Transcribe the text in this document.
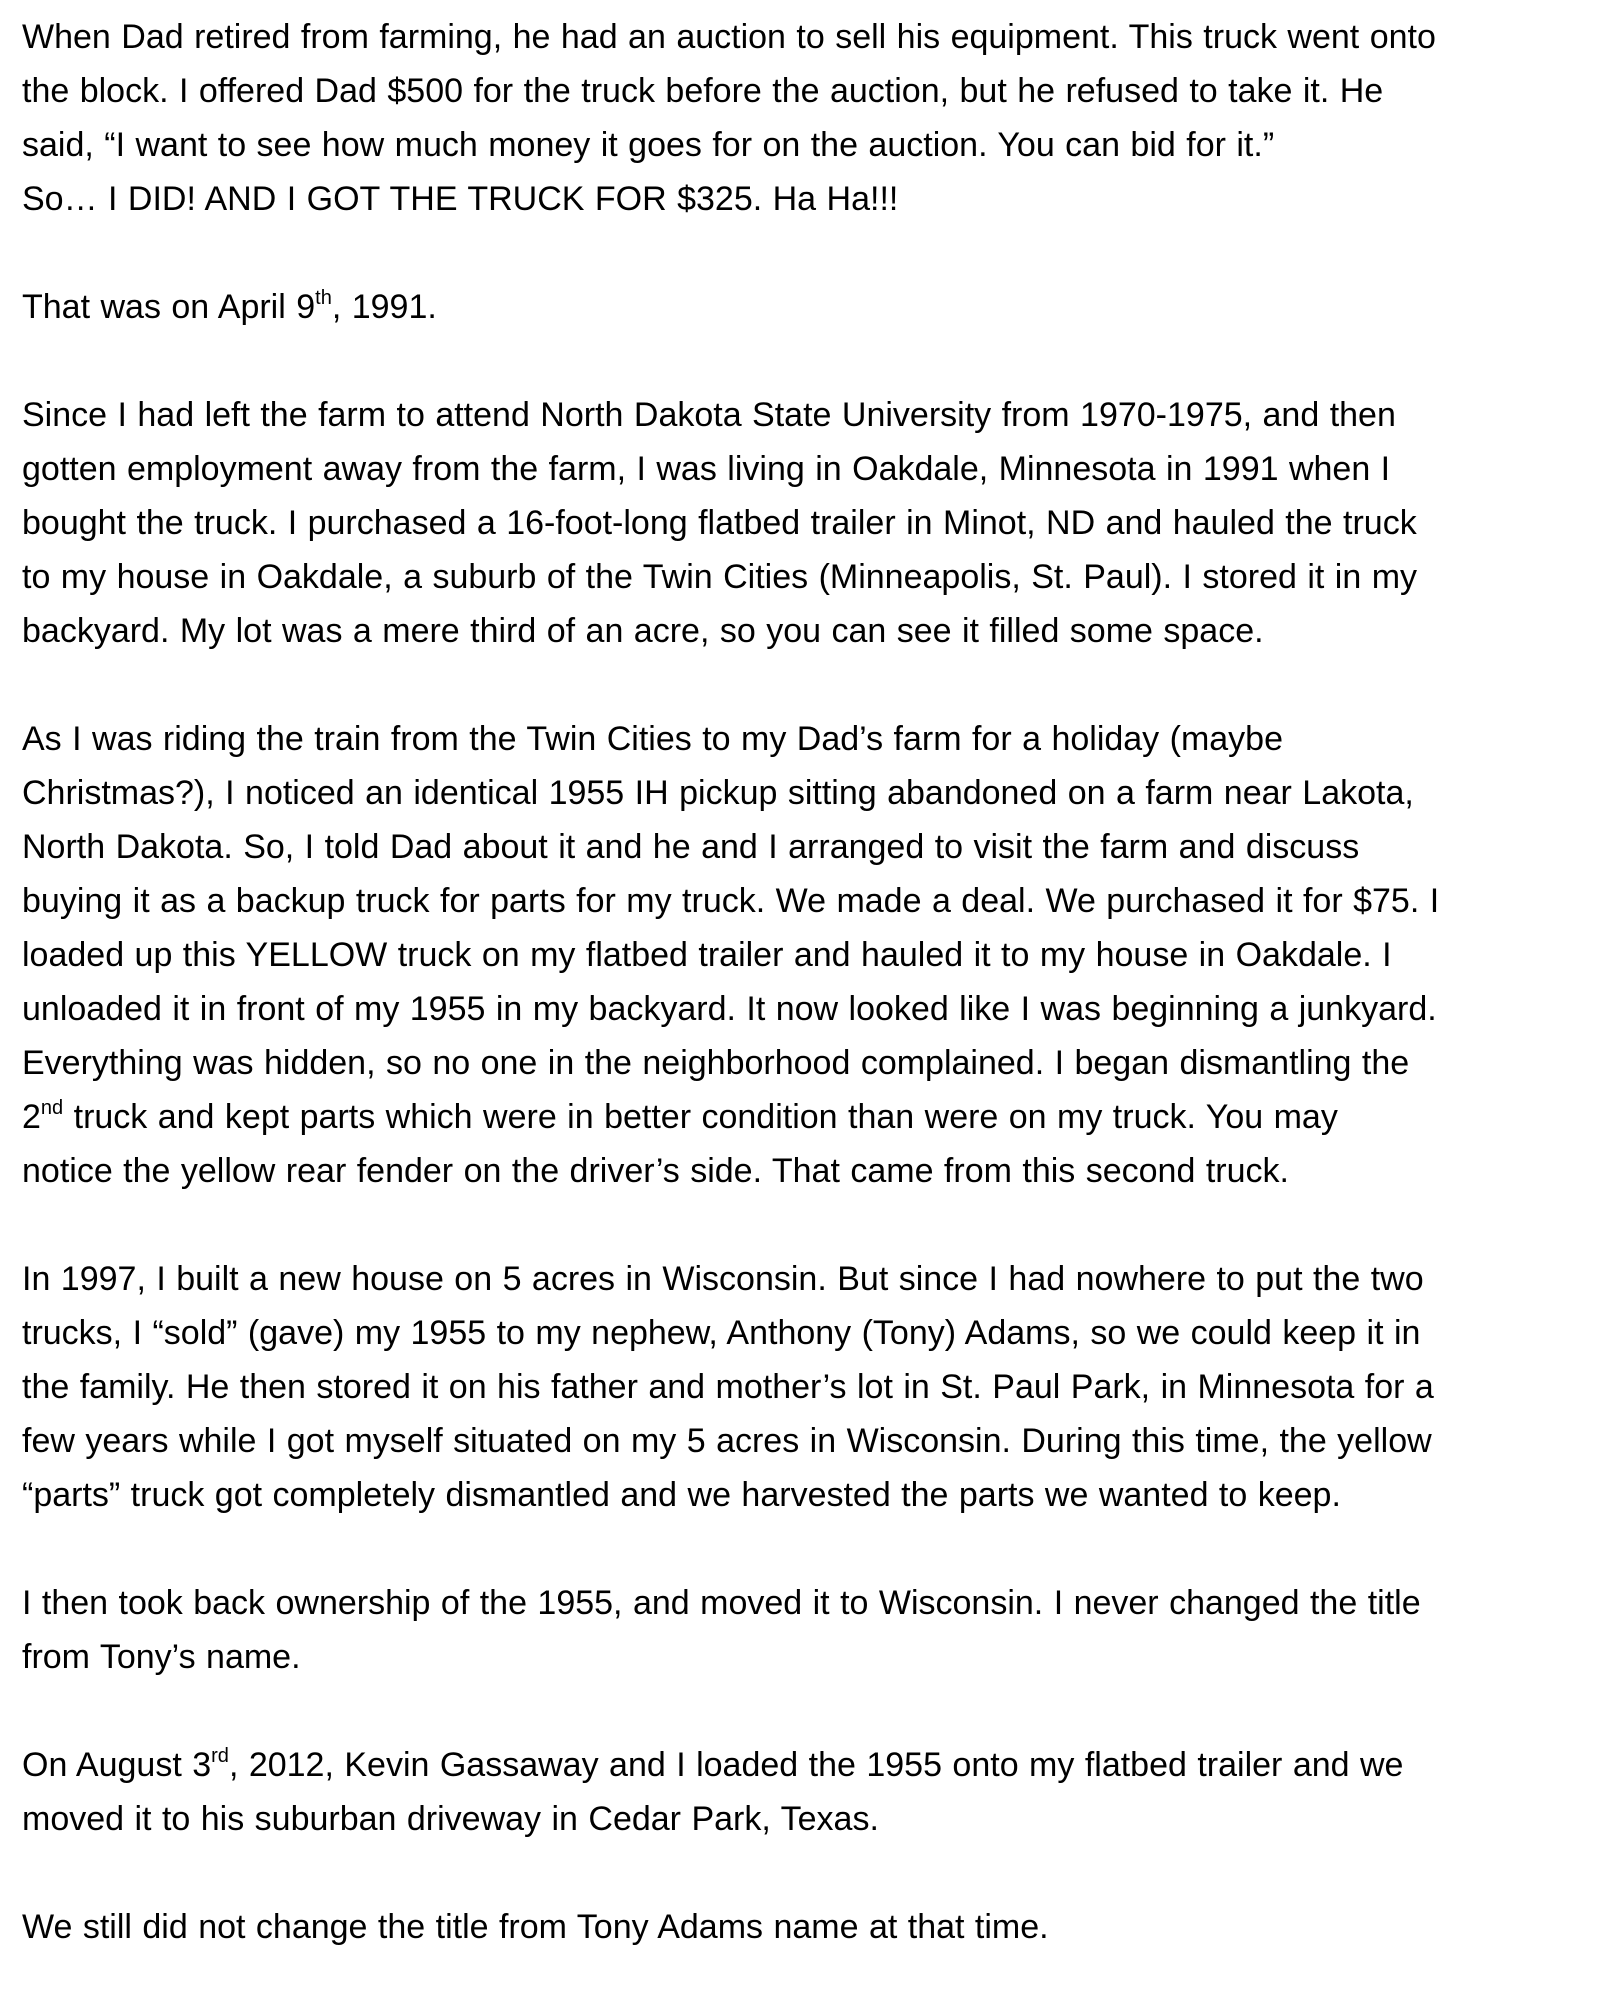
When Dad retired from farming, he had an auction to sell his equipment. This truck went onto
the block. I offered Dad $500 for the truck before the auction, but he refused to take it. He
said, “I want to see how much money it goes for on the auction. You can bid for it.”
So… I DID! AND I GOT THE TRUCK FOR $325. Ha Ha!!!

That was on April 9th, 1991.

Since I had left the farm to attend North Dakota State University from 1970-1975, and then
gotten employment away from the farm, I was living in Oakdale, Minnesota in 1991 when I
bought the truck. I purchased a 16-foot-long flatbed trailer in Minot, ND and hauled the truck
to my house in Oakdale, a suburb of the Twin Cities (Minneapolis, St. Paul). I stored it in my
backyard. My lot was a mere third of an acre, so you can see it filled some space.

As I was riding the train from the Twin Cities to my Dad’s farm for a holiday (maybe
Christmas?), I noticed an identical 1955 IH pickup sitting abandoned on a farm near Lakota,
North Dakota. So, I told Dad about it and he and I arranged to visit the farm and discuss
buying it as a backup truck for parts for my truck. We made a deal. We purchased it for $75. I
loaded up this YELLOW truck on my flatbed trailer and hauled it to my house in Oakdale. I
unloaded it in front of my 1955 in my backyard. It now looked like I was beginning a junkyard.
Everything was hidden, so no one in the neighborhood complained. I began dismantling the
2nd truck and kept parts which were in better condition than were on my truck. You may
notice the yellow rear fender on the driver’s side. That came from this second truck.

In 1997, I built a new house on 5 acres in Wisconsin. But since I had nowhere to put the two
trucks, I “sold” (gave) my 1955 to my nephew, Anthony (Tony) Adams, so we could keep it in
the family. He then stored it on his father and mother’s lot in St. Paul Park, in Minnesota for a
few years while I got myself situated on my 5 acres in Wisconsin. During this time, the yellow
“parts” truck got completely dismantled and we harvested the parts we wanted to keep.

I then took back ownership of the 1955, and moved it to Wisconsin. I never changed the title
from Tony’s name.

On August 3rd, 2012, Kevin Gassaway and I loaded the 1955 onto my flatbed trailer and we
moved it to his suburban driveway in Cedar Park, Texas.

We still did not change the title from Tony Adams name at that time.
